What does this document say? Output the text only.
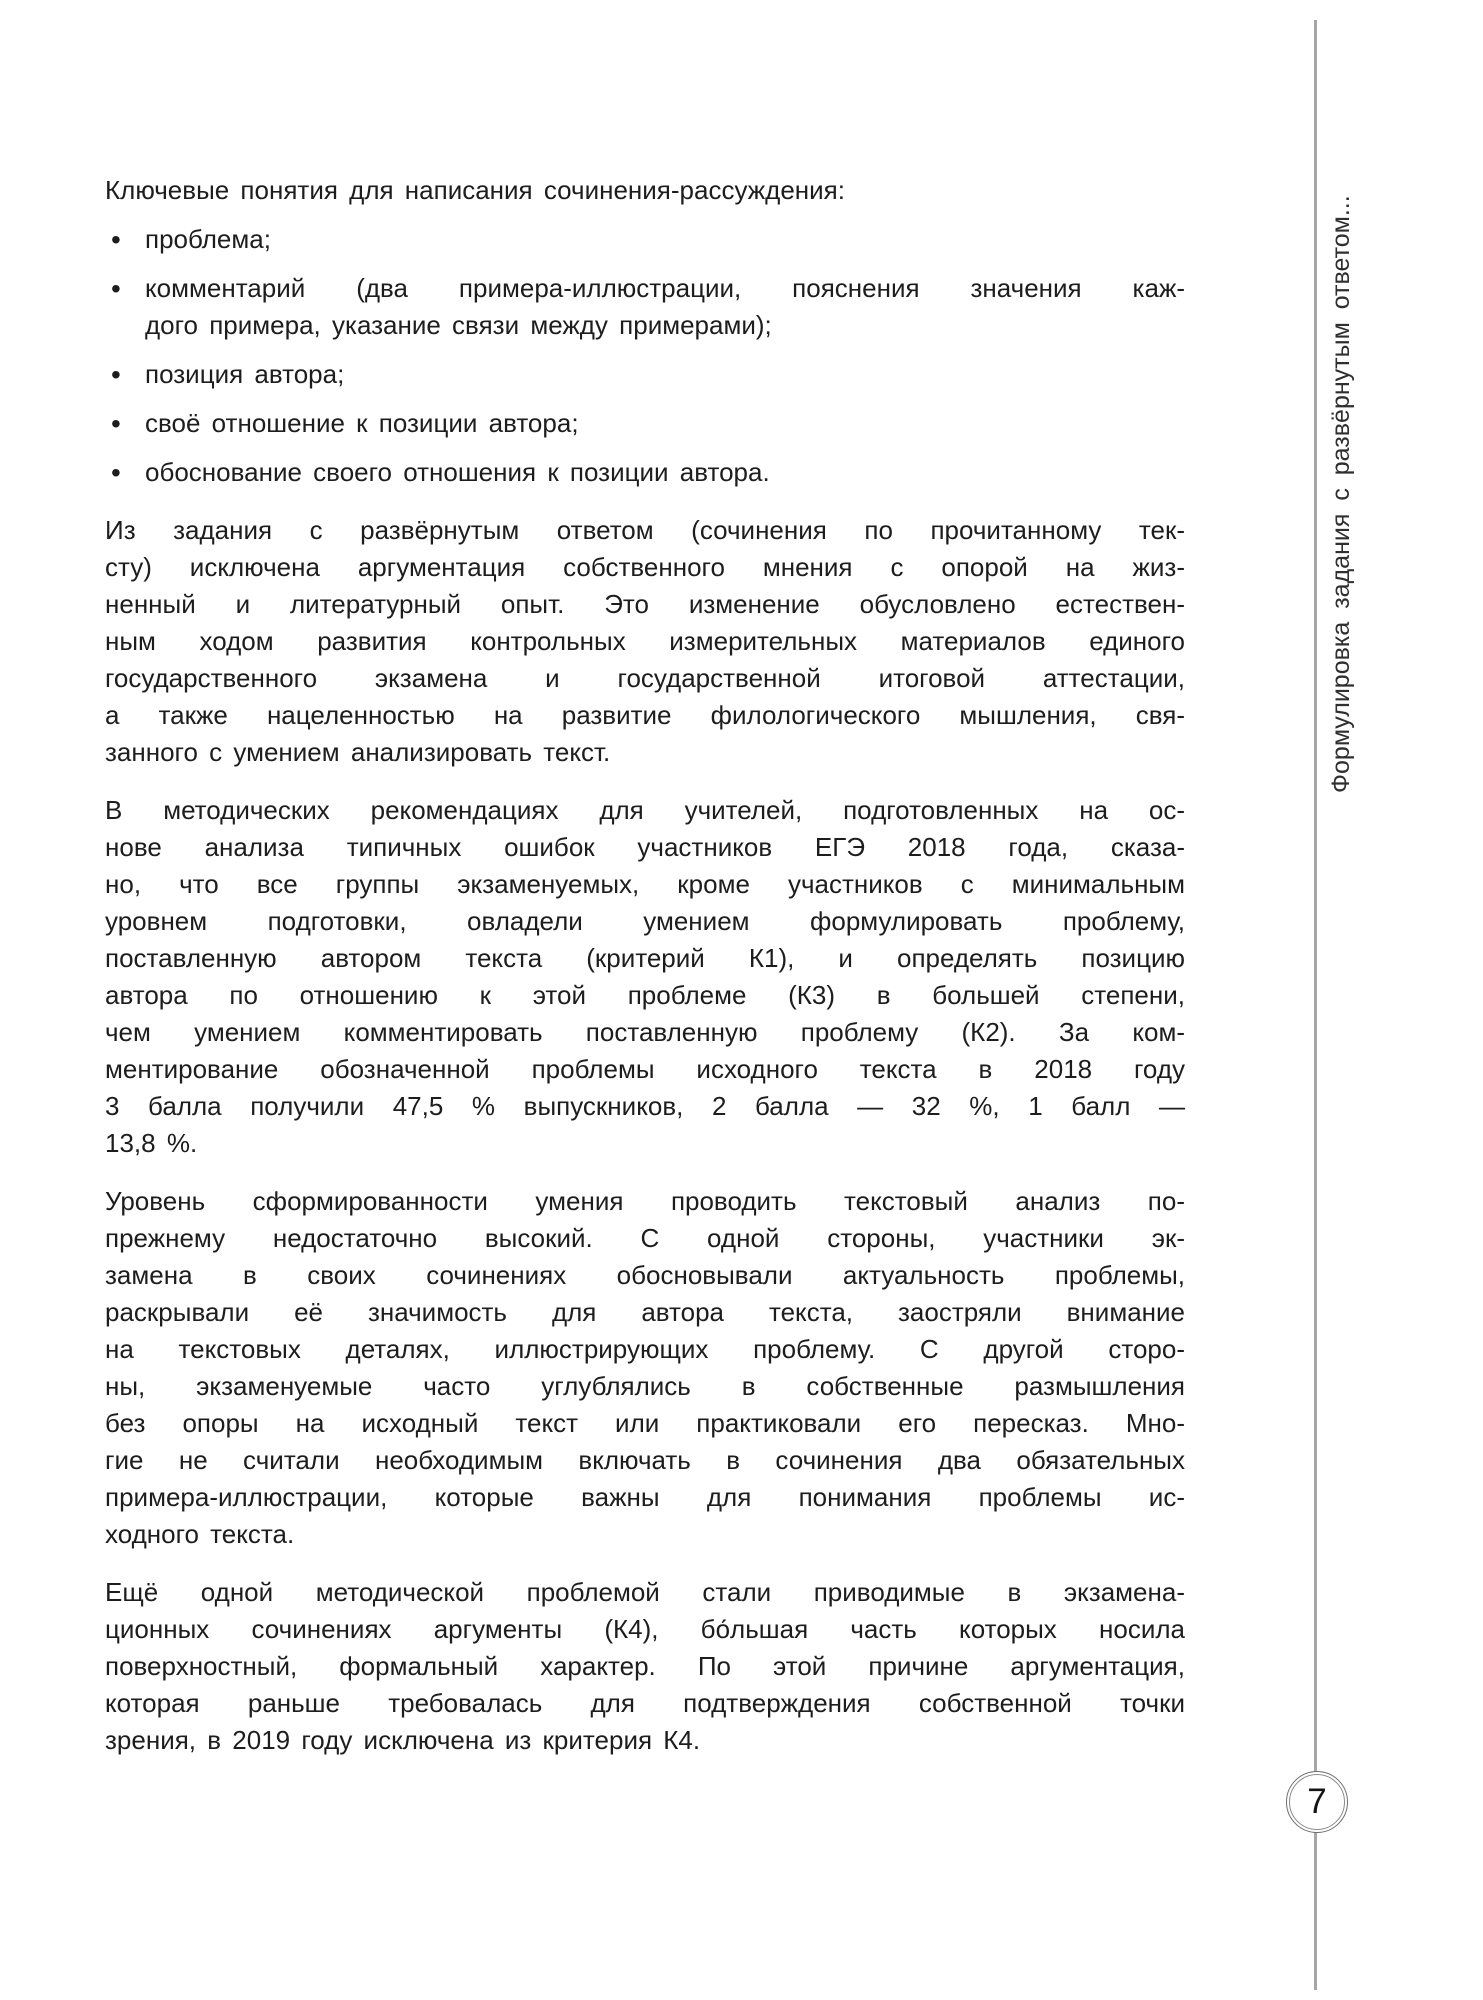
Ключевые понятия для написания сочинения-рассуждения:
• проблема;
• комментарий (два примера-иллюстрации, пояснения значения каж-
дого примера, указание связи между примерами);
• позиция автора;
• своё отношение к позиции автора;
• обоснование своего отношения к позиции автора.
Из задания с развёрнутым ответом (сочинения по прочитанному тек-
сту) исключена аргументация собственного мнения с опорой на жиз-
ненный и литературный опыт. Это изменение обусловлено естествен-
ным ходом развития контрольных измерительных материалов единого
государственного экзамена и государственной итоговой аттестации,
а также нацеленностью на развитие филологического мышления, свя-
занного с умением анализировать текст.
В методических рекомендациях для учителей, подготовленных на ос-
нове анализа типичных ошибок участников ЕГЭ 2018 года, сказа-
но, что все группы экзаменуемых, кроме участников с минимальным
уровнем подготовки, овладели умением формулировать проблему,
поставленную автором текста (критерий К1), и определять позицию
автора по отношению к этой проблеме (К3) в большей степени,
чем умением комментировать поставленную проблему (К2). За ком-
ментирование обозначенной проблемы исходного текста в 2018 году
3 балла получили 47,5 % выпускников, 2 балла — 32 %, 1 балл —
13,8 %.
Уровень сформированности умения проводить текстовый анализ по-
прежнему недостаточно высокий. С одной стороны, участники эк-
замена в своих сочинениях обосновывали актуальность проблемы,
раскрывали её значимость для автора текста, заостряли внимание
на текстовых деталях, иллюстрирующих проблему. С другой сторо-
ны, экзаменуемые часто углублялись в собственные размышления
без опоры на исходный текст или практиковали его пересказ. Мно-
гие не считали необходимым включать в сочинения два обязательных
примера-иллюстрации, которые важны для понимания проблемы ис-
ходного текста.
Ещё одной методической проблемой стали приводимые в экзамена-
ционных сочинениях аргументы (К4), бо́льшая часть которых носила
поверхностный, формальный характер. По этой причине аргументация,
которая раньше требовалась для подтверждения собственной точки
зрения, в 2019 году исключена из критерия К4.
Формулировка задания с развёрнутым ответом...
7
